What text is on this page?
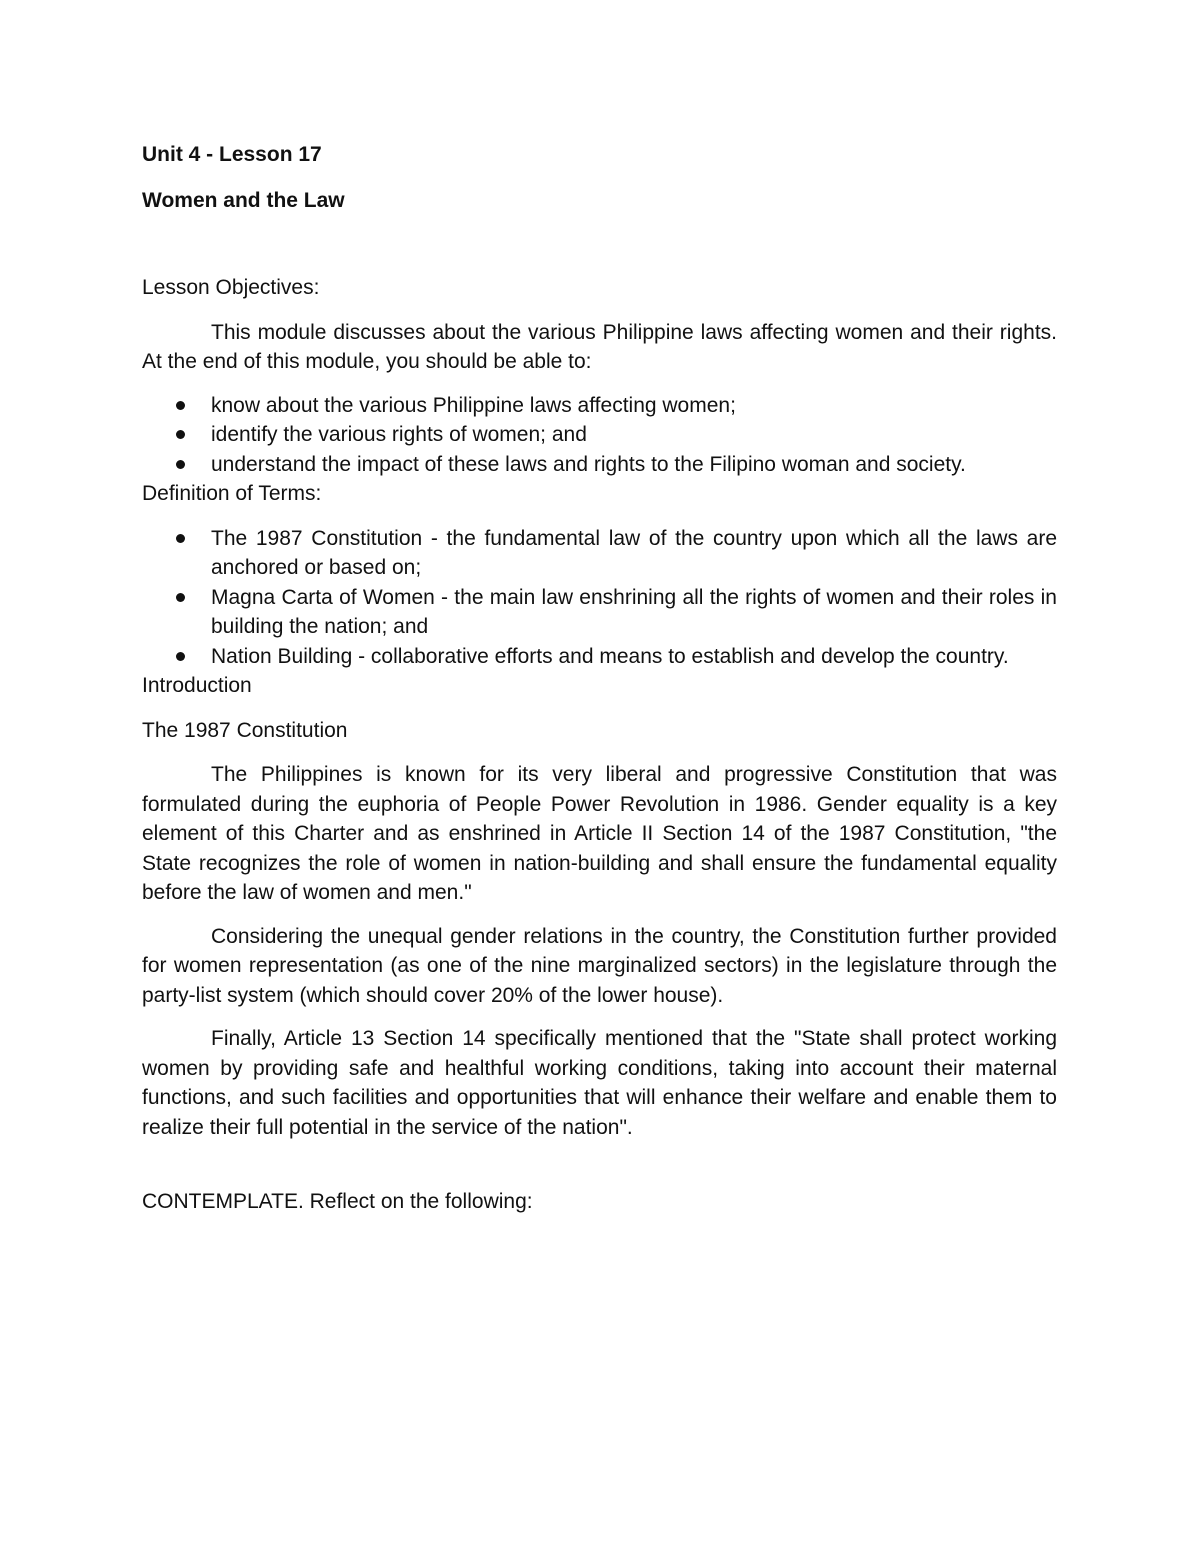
Unit 4 - Lesson 17

Women and the Law

Lesson Objectives:

This module discusses about the various Philippine laws affecting women and their rights. At the end of this module, you should be able to:

know about the various Philippine laws affecting women;
identify the various rights of women; and
understand the impact of these laws and rights to the Filipino woman and society.

Definition of Terms:

The 1987 Constitution - the fundamental law of the country upon which all the laws are anchored or based on;
Magna Carta of Women - the main law enshrining all the rights of women and their roles in building the nation; and
Nation Building - collaborative efforts and means to establish and develop the country.

Introduction

The 1987 Constitution

The Philippines is known for its very liberal and progressive Constitution that was formulated during the euphoria of People Power Revolution in 1986. Gender equality is a key element of this Charter and as enshrined in Article II Section 14 of the 1987 Constitution, "the State recognizes the role of women in nation-building and shall ensure the fundamental equality before the law of women and men."

Considering the unequal gender relations in the country, the Constitution further provided for women representation (as one of the nine marginalized sectors) in the legislature through the party-list system (which should cover 20% of the lower house).

Finally, Article 13 Section 14 specifically mentioned that the "State shall protect working women by providing safe and healthful working conditions, taking into account their maternal functions, and such facilities and opportunities that will enhance their welfare and enable them to realize their full potential in the service of the nation".

CONTEMPLATE. Reflect on the following:
